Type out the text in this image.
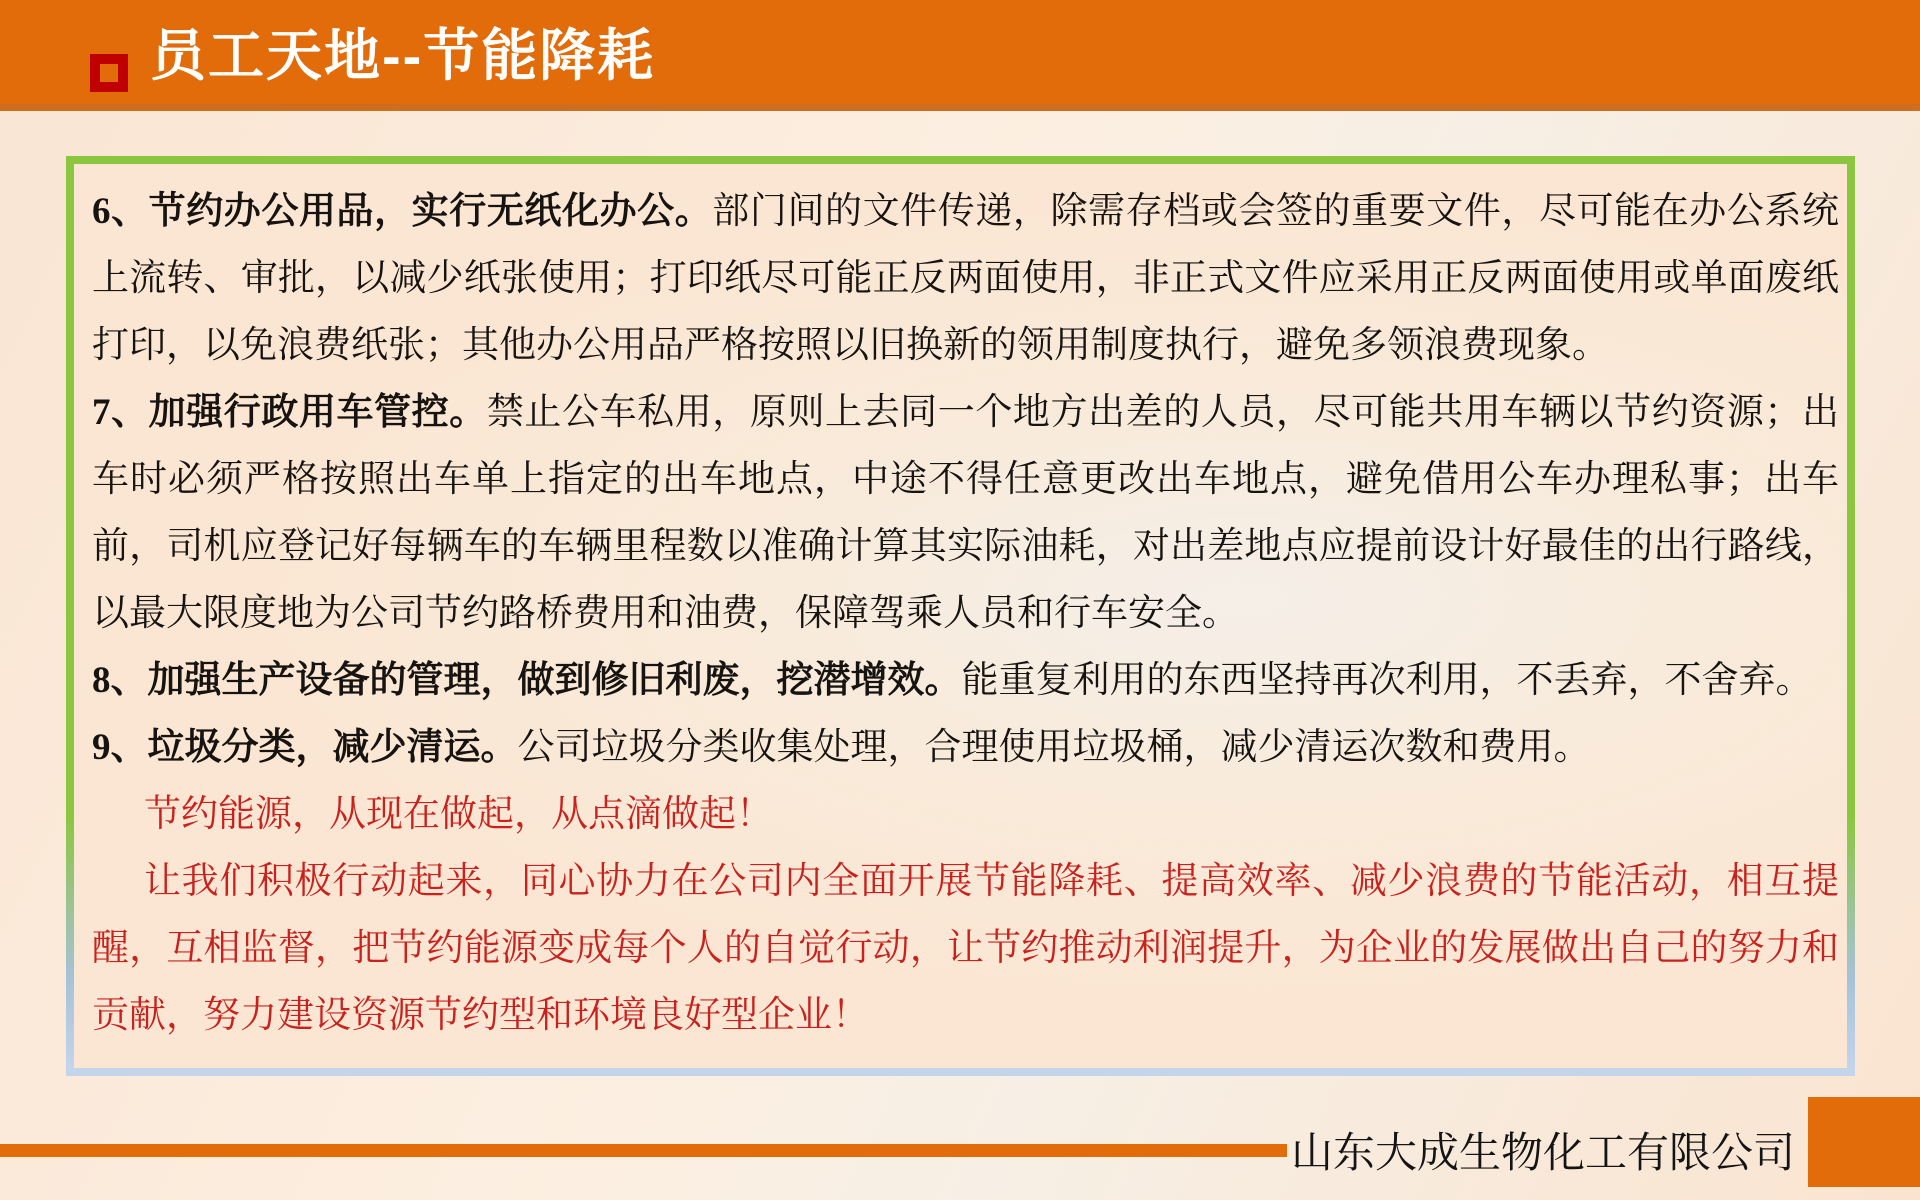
员工天地--节能降耗

6、节约办公用品，实行无纸化办公。部门间的文件传递，除需存档或会签的重要文件，尽可能在办公系统上流转、审批，以减少纸张使用；打印纸尽可能正反两面使用，非正式文件应采用正反两面使用或单面废纸打印，以免浪费纸张；其他办公用品严格按照以旧换新的领用制度执行，避免多领浪费现象。

7、加强行政用车管控。禁止公车私用，原则上去同一个地方出差的人员，尽可能共用车辆以节约资源；出车时必须严格按照出车单上指定的出车地点，中途不得任意更改出车地点，避免借用公车办理私事；出车前，司机应登记好每辆车的车辆里程数以准确计算其实际油耗，对出差地点应提前设计好最佳的出行路线，以最大限度地为公司节约路桥费用和油费，保障驾乘人员和行车安全。

8、加强生产设备的管理，做到修旧利废，挖潜增效。能重复利用的东西坚持再次利用，不丢弃，不舍弃。

9、垃圾分类，减少清运。公司垃圾分类收集处理，合理使用垃圾桶，减少清运次数和费用。

节约能源，从现在做起，从点滴做起！

让我们积极行动起来，同心协力在公司内全面开展节能降耗、提高效率、减少浪费的节能活动，相互提醒，互相监督，把节约能源变成每个人的自觉行动，让节约推动利润提升，为企业的发展做出自己的努力和贡献，努力建设资源节约型和环境良好型企业！

山东大成生物化工有限公司
